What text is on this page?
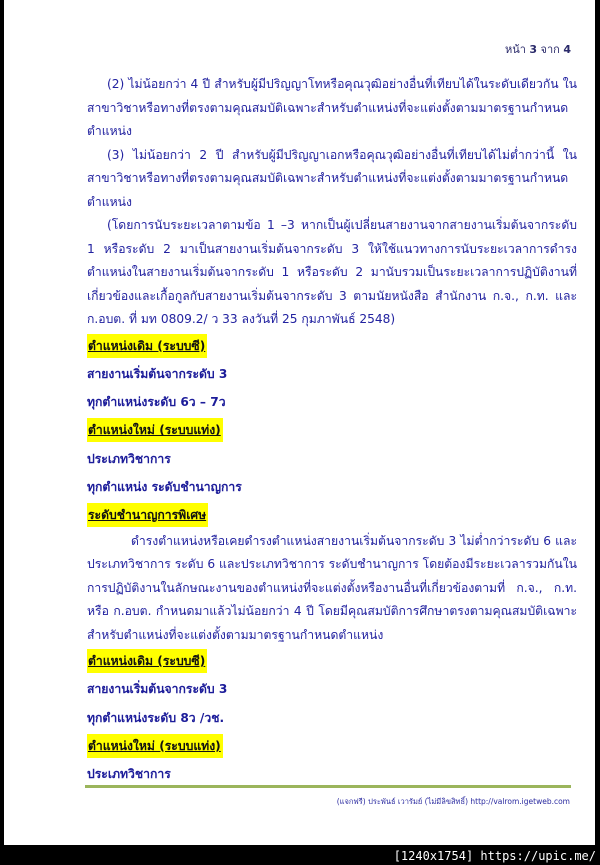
หน้า 3 จาก 4

(2) ไม่น้อยกว่า 4 ปี สำหรับผู้มีปริญญาโทหรือคุณวุฒิอย่างอื่นที่เทียบได้ในระดับเดียวกัน ในสาขาวิชาหรือทางที่ตรงตามคุณสมบัติเฉพาะสำหรับตำแหน่งที่จะแต่งตั้งตามมาตรฐานกำหนดตำแหน่ง

(3) ไม่น้อยกว่า 2 ปี สำหรับผู้มีปริญญาเอกหรือคุณวุฒิอย่างอื่นที่เทียบได้ไม่ต่ำกว่านี้ ในสาขาวิชาหรือทางที่ตรงตามคุณสมบัติเฉพาะสำหรับตำแหน่งที่จะแต่งตั้งตามมาตรฐานกำหนดตำแหน่ง

(โดยการนับระยะเวลาตามข้อ 1 –3 หากเป็นผู้เปลี่ยนสายงานจากสายงานเริ่มต้นจากระดับ 1 หรือระดับ 2 มาเป็นสายงานเริ่มต้นจากระดับ 3 ให้ใช้แนวทางการนับระยะเวลาการดำรงตำแหน่งในสายงานเริ่มต้นจากระดับ 1 หรือระดับ 2 มานับรวมเป็นระยะเวลาการปฏิบัติงานที่เกี่ยวข้องและเกื้อกูลกับสายงานเริ่มต้นจากระดับ 3 ตามนัยหนังสือ สำนักงาน ก.จ., ก.ท. และ ก.อบต. ที่ มท 0809.2/ ว 33 ลงวันที่ 25 กุมภาพันธ์ 2548)

ตำแหน่งเดิม (ระบบซี)

สายงานเริ่มต้นจากระดับ 3

ทุกตำแหน่งระดับ 6ว – 7ว

ตำแหน่งใหม่ (ระบบแท่ง)

ประเภทวิชาการ

ทุกตำแหน่ง ระดับชำนาญการ

ระดับชำนาญการพิเศษ

ดำรงตำแหน่งหรือเคยดำรงตำแหน่งสายงานเริ่มต้นจากระดับ 3 ไม่ต่ำกว่าระดับ 6 และประเภทวิชาการ ระดับ 6 และประเภทวิชาการ ระดับชำนาญการ โดยต้องมีระยะเวลารวมกันในการปฏิบัติงานในลักษณะงานของตำแหน่งที่จะแต่งตั้งหรืองานอื่นที่เกี่ยวข้องตามที่ ก.จ., ก.ท. หรือ ก.อบต. กำหนดมาแล้วไม่น้อยกว่า 4 ปี โดยมีคุณสมบัติการศึกษาตรงตามคุณสมบัติเฉพาะสำหรับตำแหน่งที่จะแต่งตั้งตามมาตรฐานกำหนดตำแหน่ง

ตำแหน่งเดิม (ระบบซี)

สายงานเริ่มต้นจากระดับ 3

ทุกตำแหน่งระดับ 8ว /วช.

ตำแหน่งใหม่ (ระบบแท่ง)

ประเภทวิชาการ

(แจกฟรี) ประพันธ์ เวารัมย์ (ไม่มีลิขสิทธิ์) http://valrom.igetweb.com
[1240x1754] https://upic.me/
